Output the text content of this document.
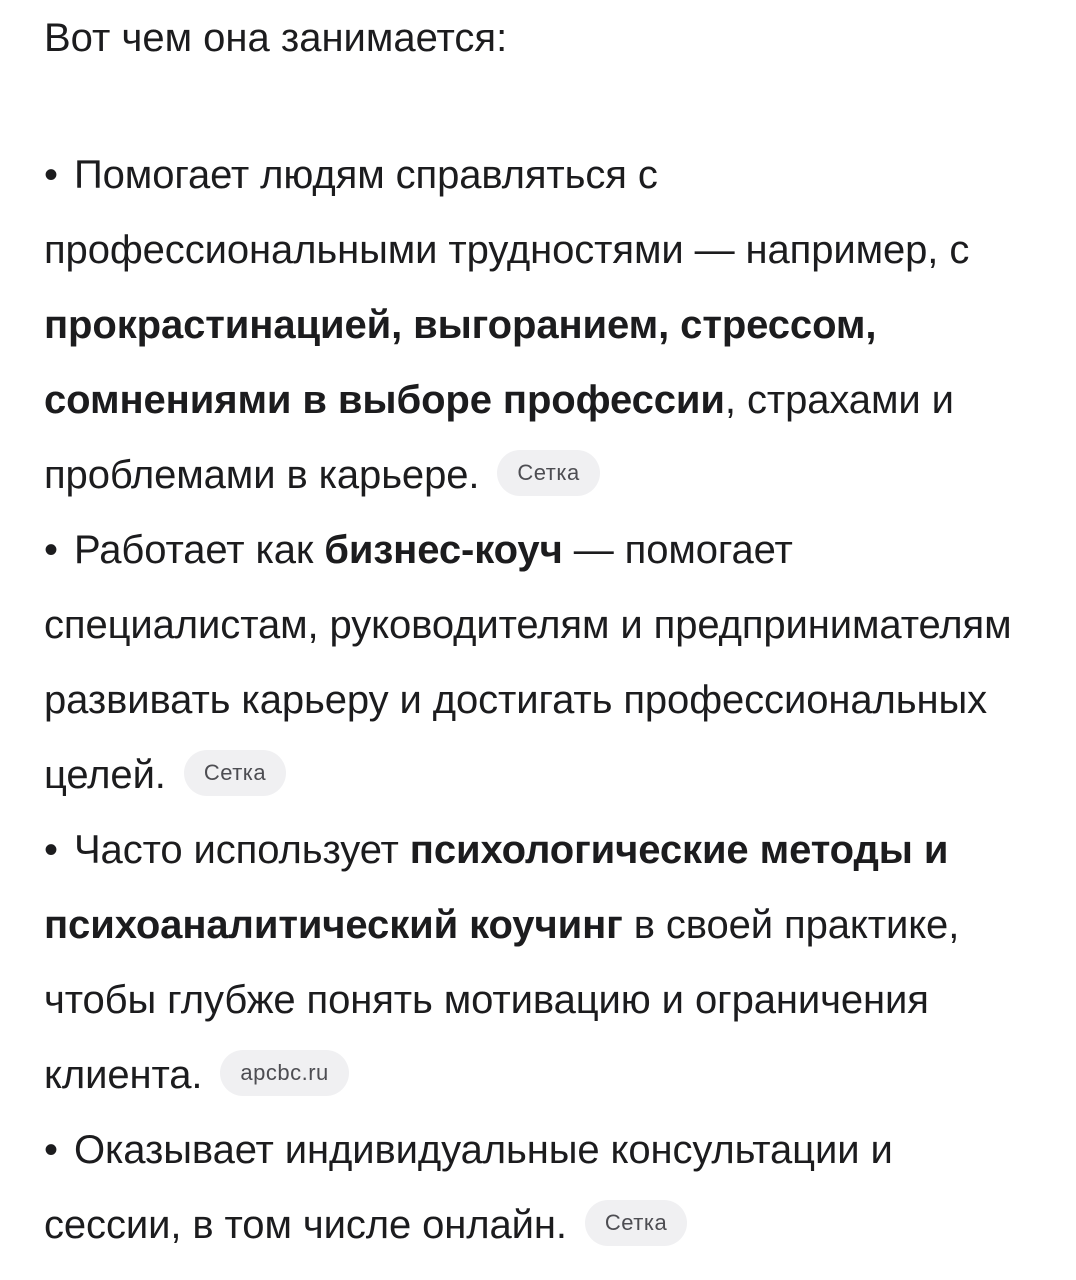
Вот чем она занимается:

• Помогает людям справляться с профессиональными трудностями — например, с прокрастинацией, выгоранием, стрессом, сомнениями в выборе профессии, страхами и проблемами в карьере. Сетка
• Работает как бизнес-коуч — помогает специалистам, руководителям и предпринимателям развивать карьеру и достигать профессиональных целей. Сетка
• Часто использует психологические методы и психоаналитический коучинг в своей практике, чтобы глубже понять мотивацию и ограничения клиента. apcbc.ru
• Оказывает индивидуальные консультации и сессии, в том числе онлайн. Сетка
